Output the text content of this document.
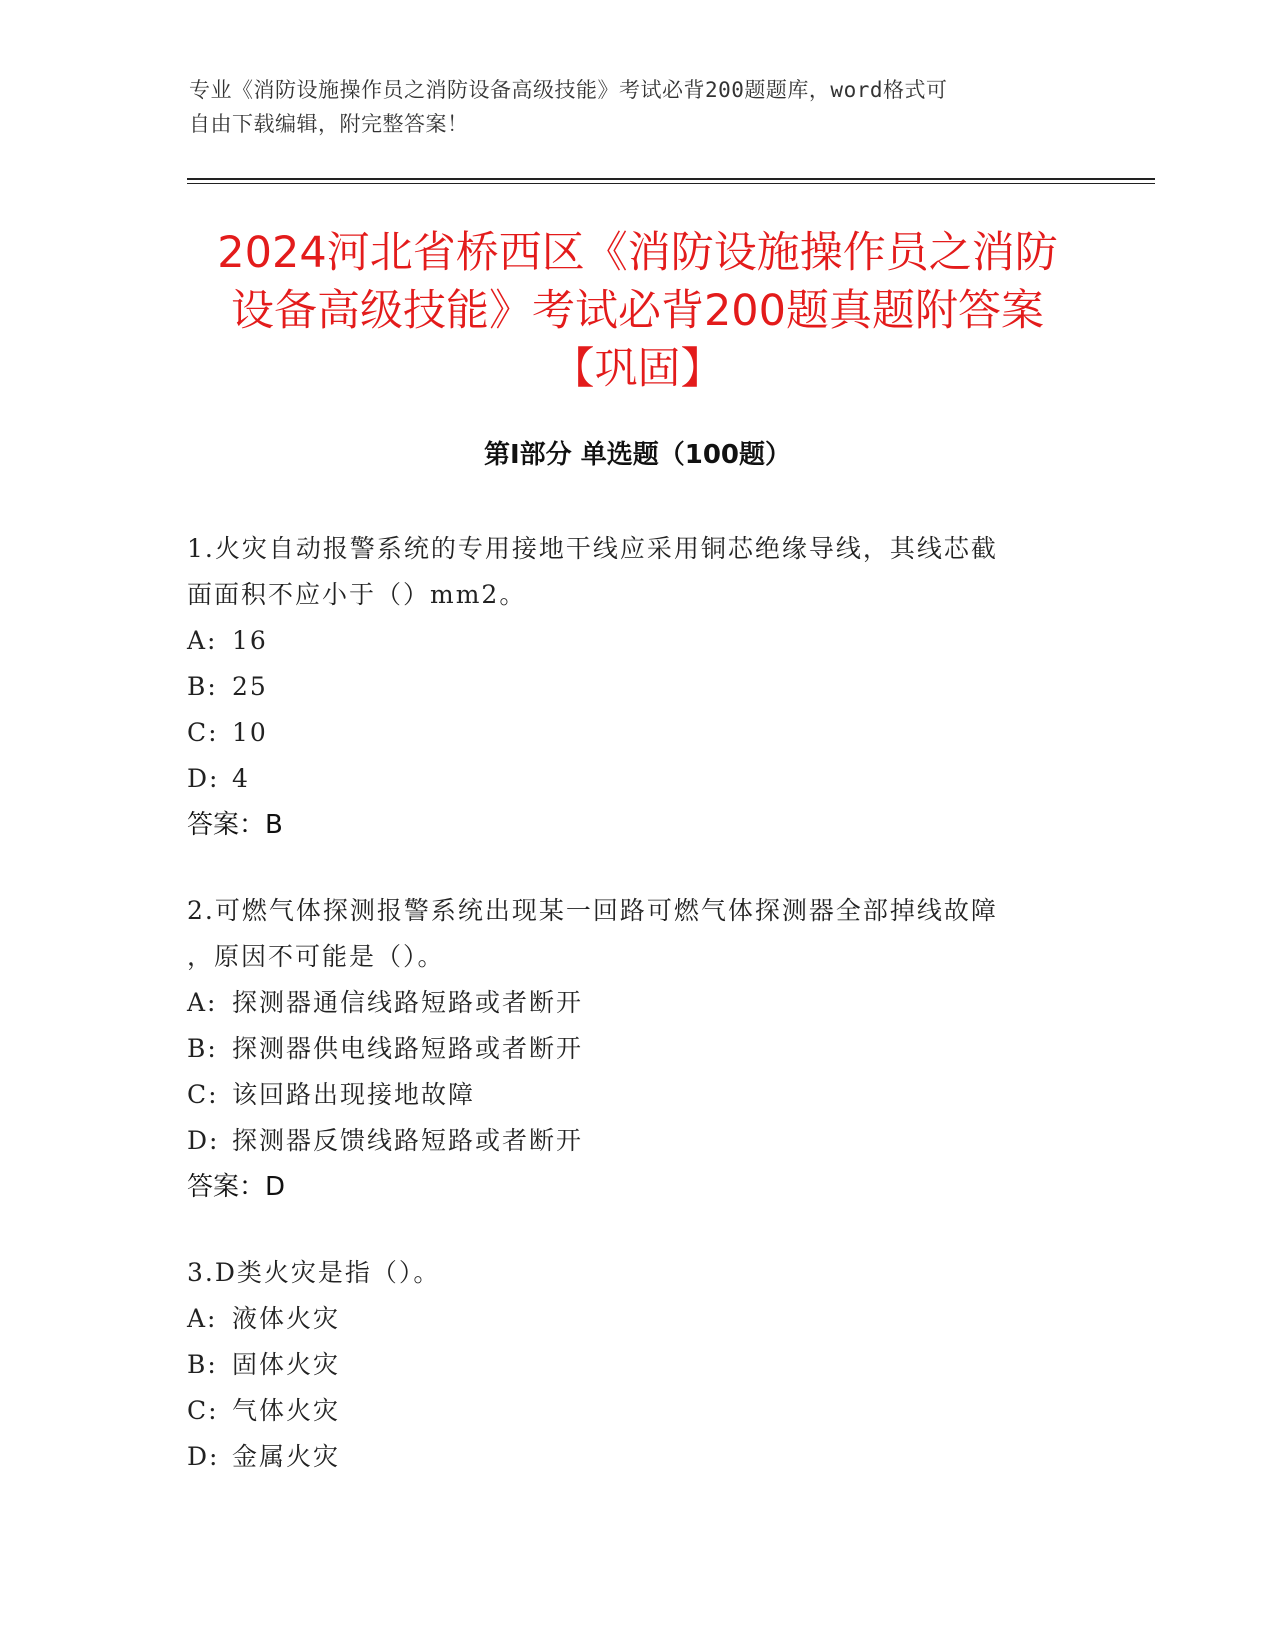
专业《消防设施操作员之消防设备高级技能》考试必背200题题库，word格式可
自由下载编辑，附完整答案！
2024河北省桥西区《消防设施操作员之消防
设备高级技能》考试必背200题真题附答案
【巩固】
第Ⅰ部分 单选题（100题）

1.火灾自动报警系统的专用接地干线应采用铜芯绝缘导线，其线芯截
面面积不应小于（）mm2。

A: 16

B: 25

C: 10

D: 4

答案：B

2.可燃气体探测报警系统出现某一回路可燃气体探测器全部掉线故障
，原因不可能是（）。

A: 探测器通信线路短路或者断开

B: 探测器供电线路短路或者断开

C: 该回路出现接地故障

D: 探测器反馈线路短路或者断开

答案：D

3.D类火灾是指（）。

A: 液体火灾

B: 固体火灾

C: 气体火灾

D: 金属火灾
